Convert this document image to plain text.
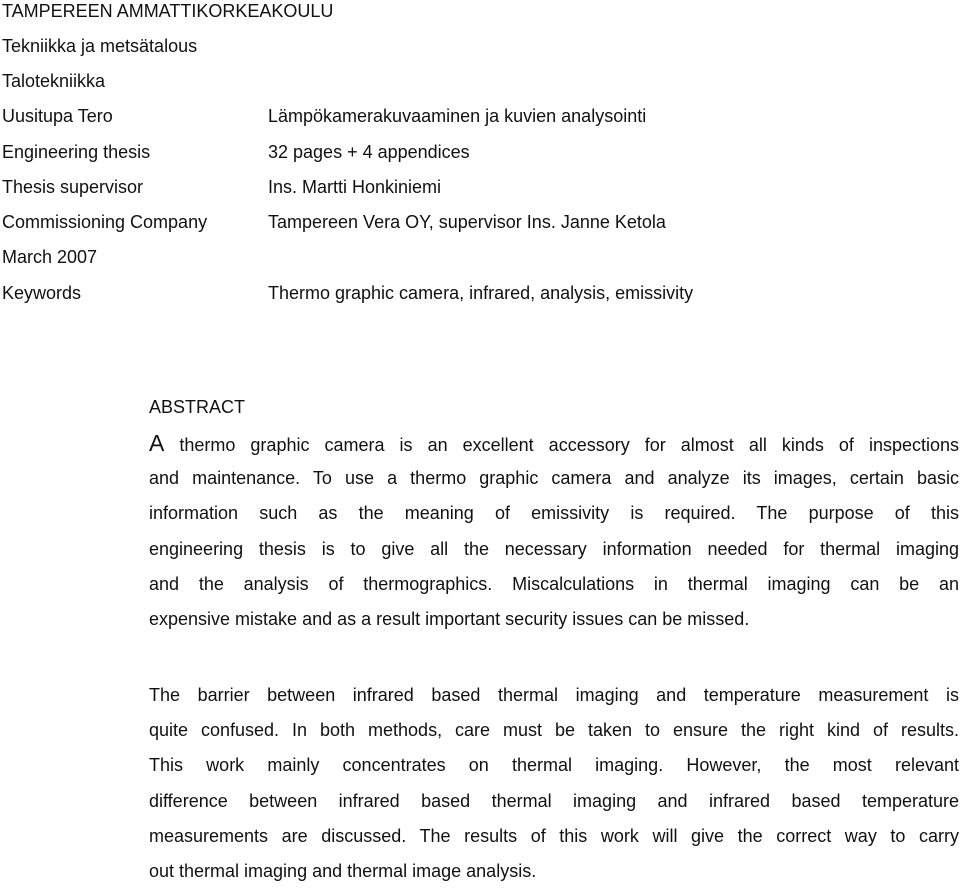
TAMPEREEN AMMATTIKORKEAKOULU
Tekniikka ja metsätalous
Talotekniikka
Uusitupa Tero	Lämpökamerakuvaaminen ja kuvien analysointi
Engineering thesis	32 pages + 4 appendices
Thesis supervisor	Ins. Martti Honkiniemi
Commissioning Company	Tampereen Vera OY, supervisor Ins. Janne Ketola
March 2007
Keywords	Thermo graphic camera, infrared, analysis, emissivity
ABSTRACT
A thermo graphic camera is an excellent accessory for almost all kinds of inspections
and maintenance. To use a thermo graphic camera and analyze its images, certain basic
information such as the meaning of emissivity is required. The purpose of this
engineering thesis is to give all the necessary information needed for thermal imaging
and the analysis of thermographics. Miscalculations in thermal imaging can be an
expensive mistake and as a result important security issues can be missed.
The barrier between infrared based thermal imaging and temperature measurement is
quite confused. In both methods, care must be taken to ensure the right kind of results.
This work mainly concentrates on thermal imaging. However, the most relevant
difference between infrared based thermal imaging and infrared based temperature
measurements are discussed. The results of this work will give the correct way to carry
out thermal imaging and thermal image analysis.
